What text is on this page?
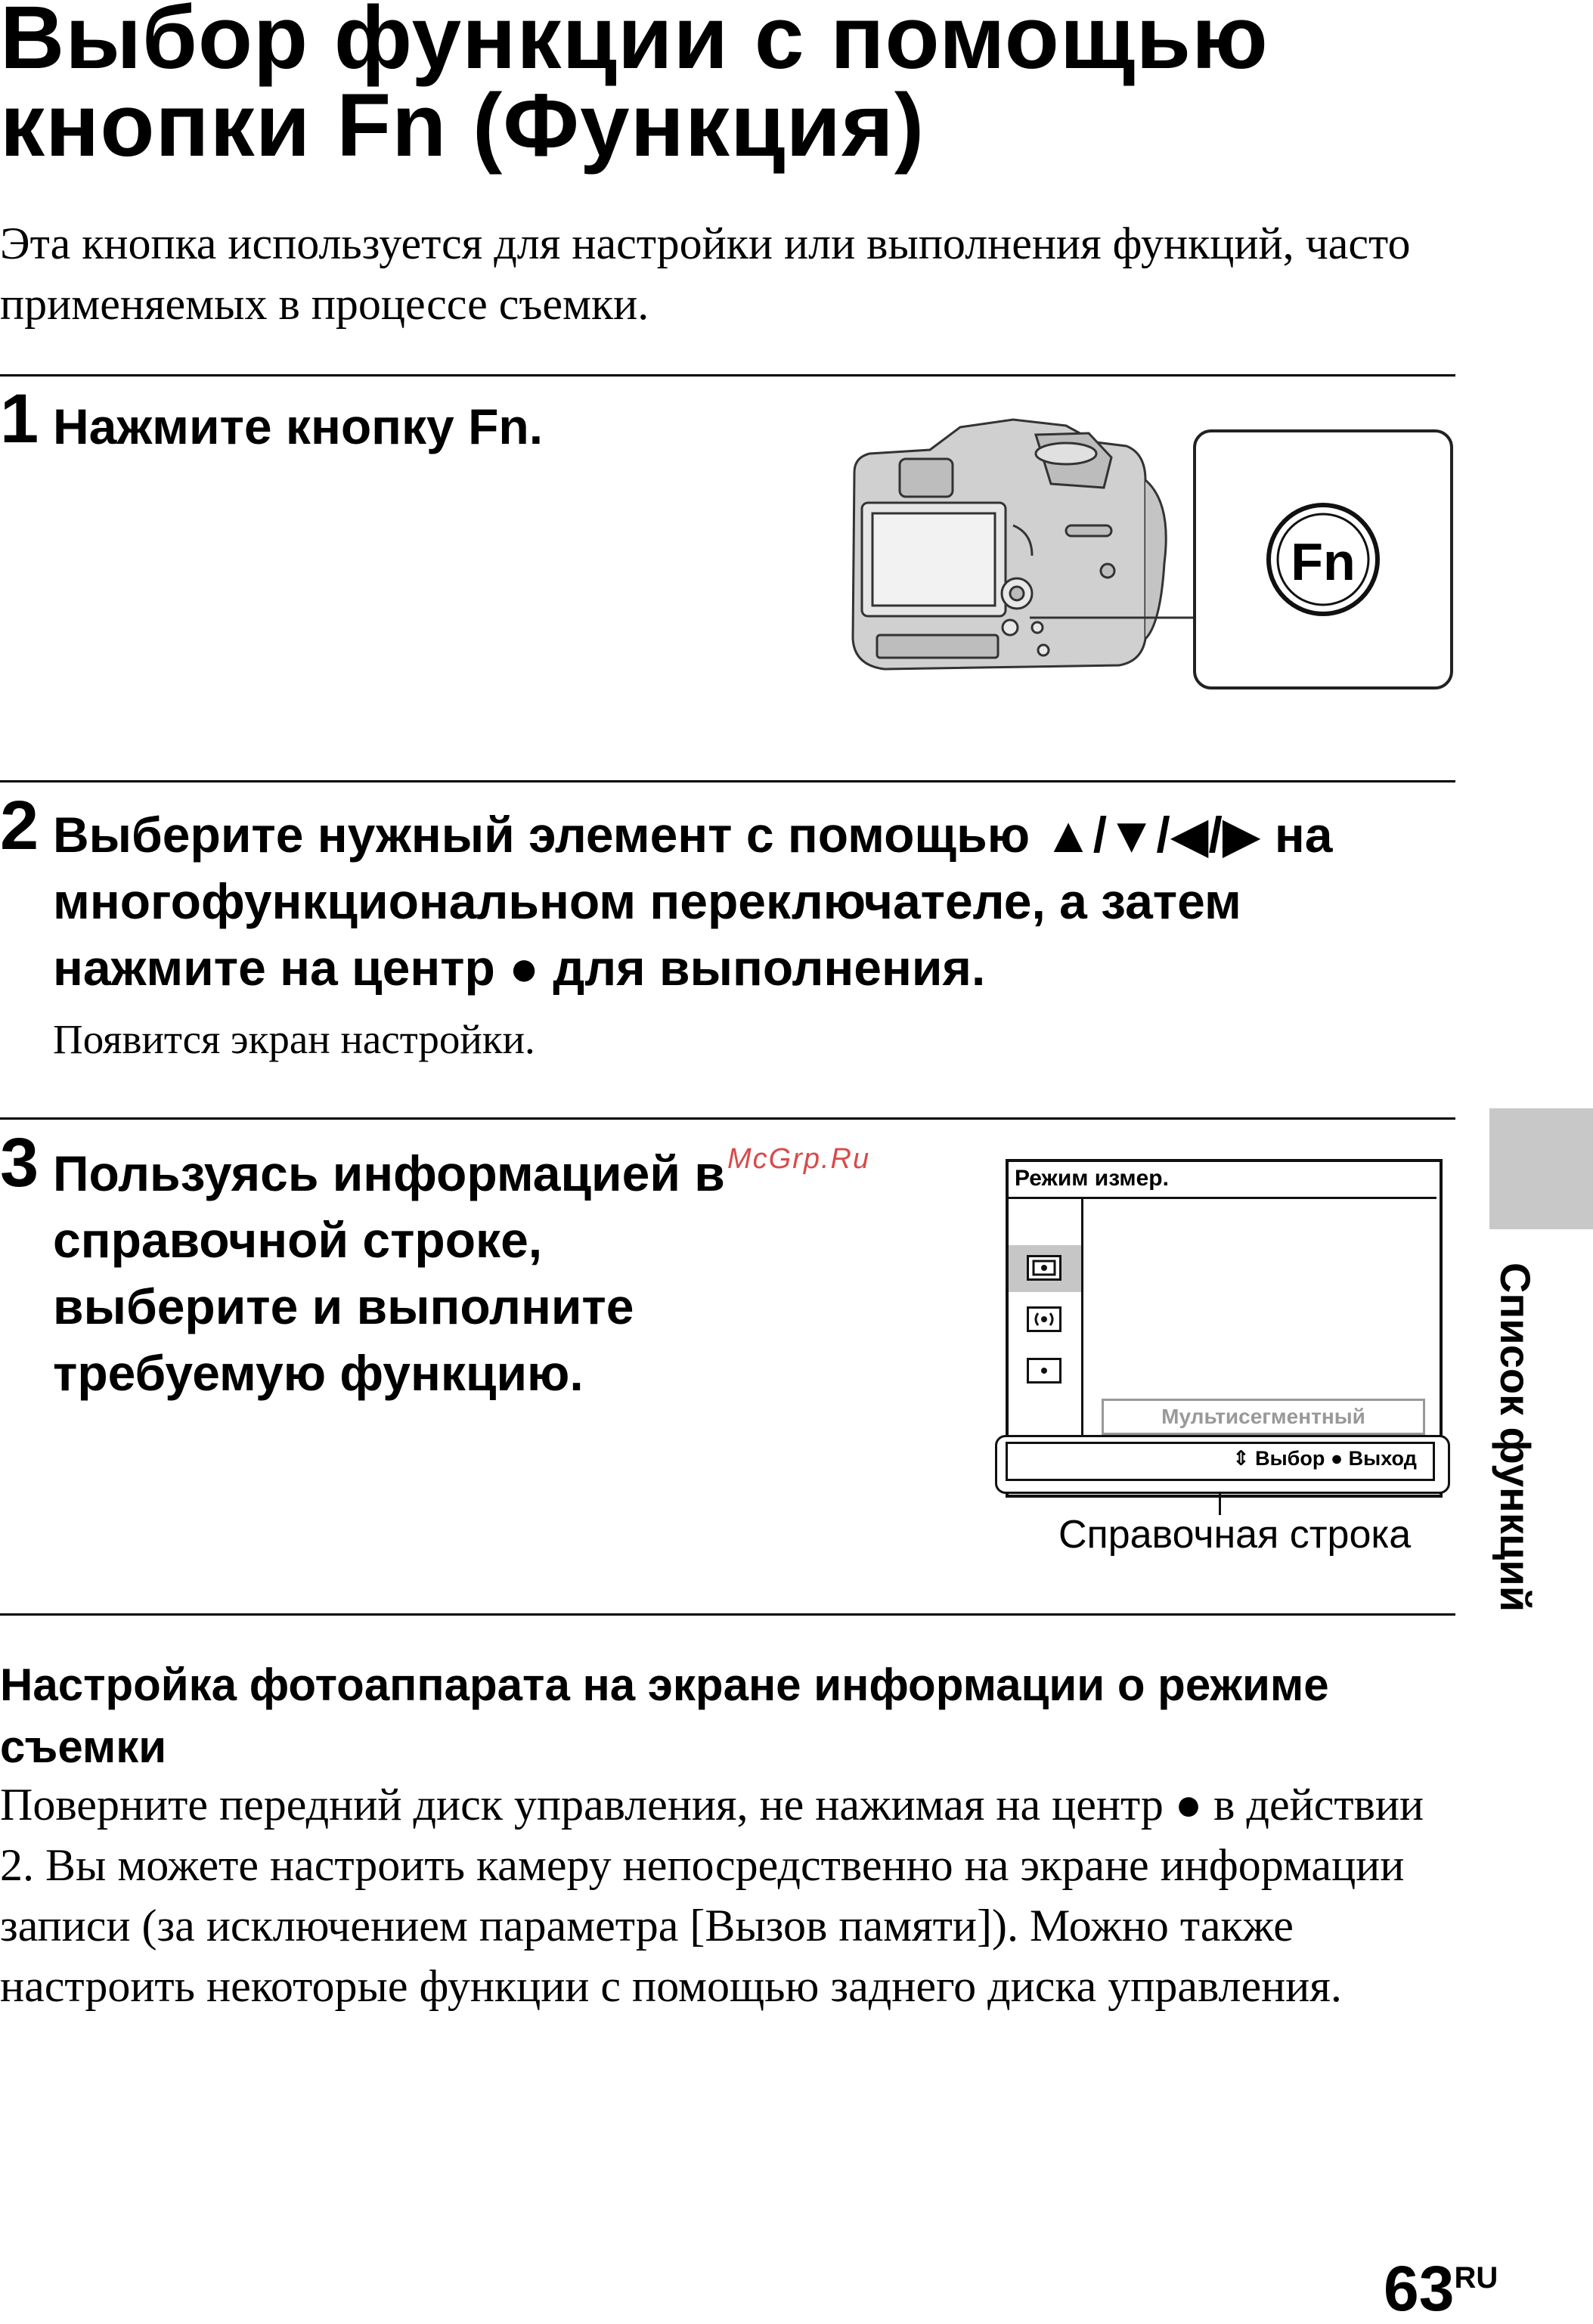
Выбор функции с помощью кнопки Fn (Функция)
Эта кнопка используется для настройки или выполнения функций, часто применяемых в процессе съемки.
1 Нажмите кнопку Fn.
Fn
2 Выберите нужный элемент с помощью ▲/▼/◀/▶ на многофункциональном переключателе, а затем нажмите на центр ● для выполнения.
Появится экран настройки.
3 Пользуясь информацией в справочной строке, выберите и выполните требуемую функцию.
McGrp.Ru
Режим измер.
Мультисегментный
⇕ Выбор ● Выход
Справочная строка Список функций
Настройка фотоаппарата на экране информации о режиме съемки
Поверните передний диск управления, не нажимая на центр ● в действии 2. Вы можете настроить камеру непосредственно на экране информации записи (за исключением параметра [Вызов памяти]). Можно также настроить некоторые функции с помощью заднего диска управления.
$63^{RU}$
